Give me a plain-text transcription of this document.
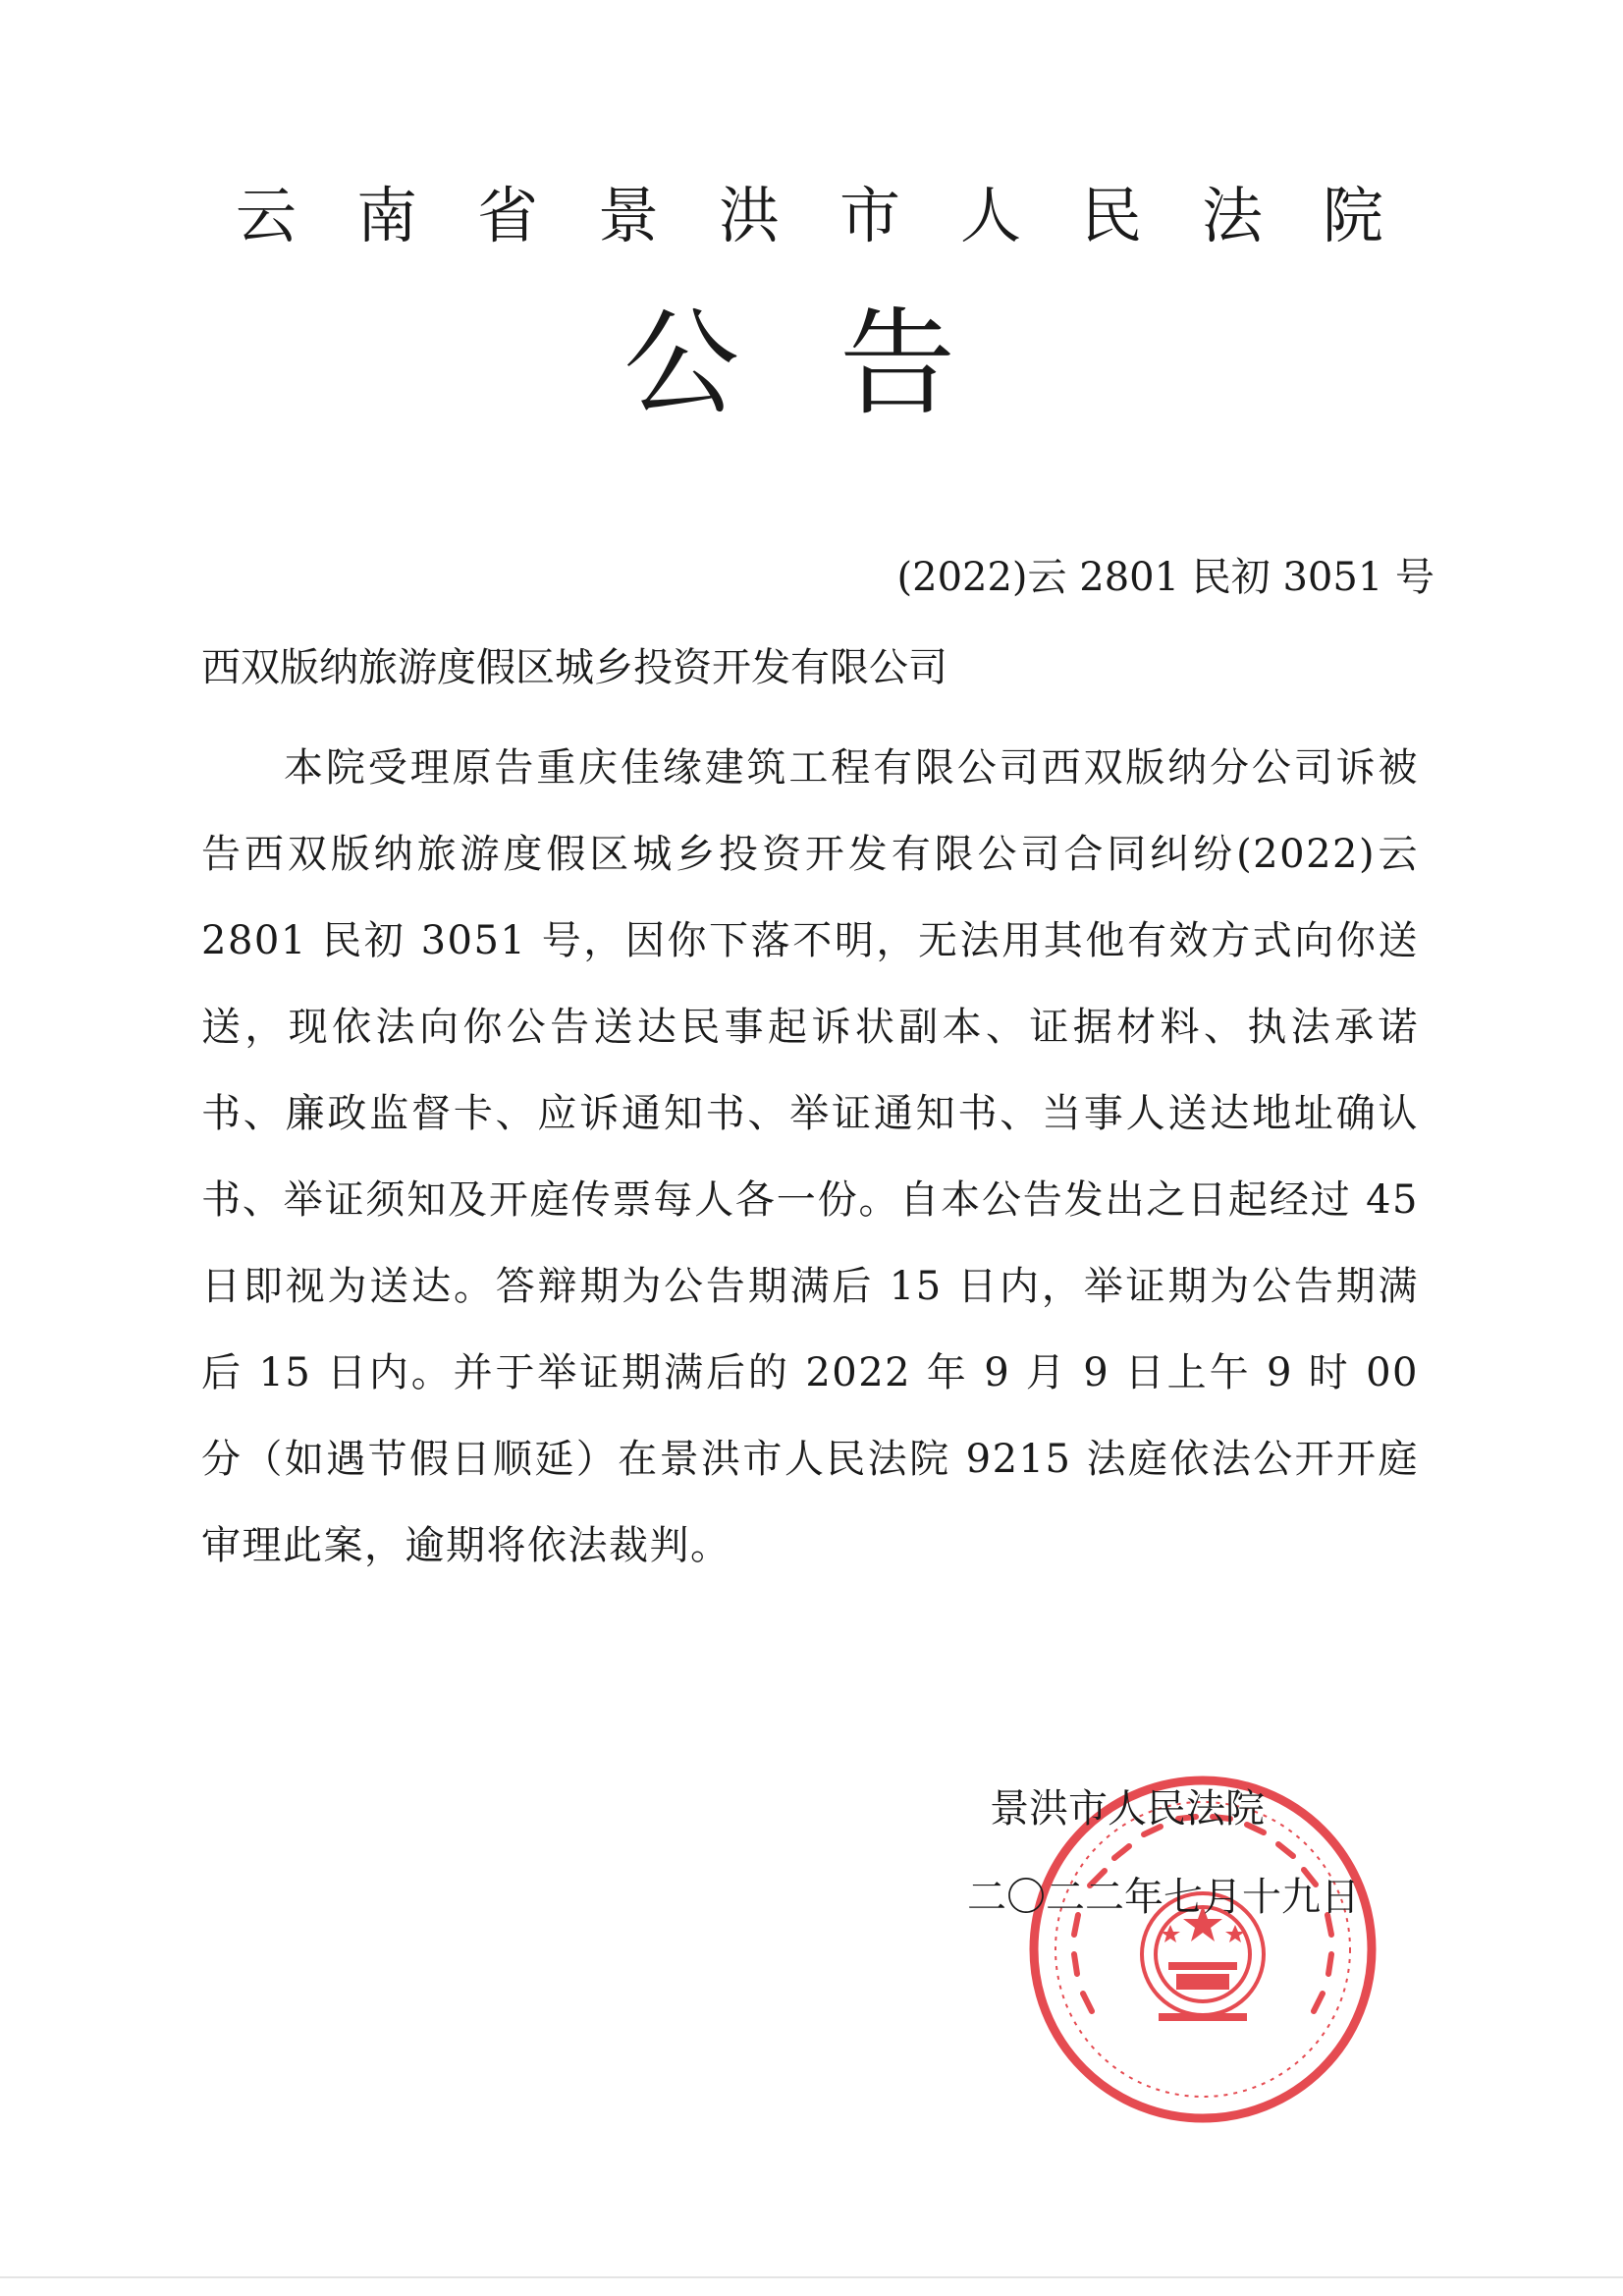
云南省景洪市人民法院
公告
(2022)云 2801 民初 3051 号
西双版纳旅游度假区城乡投资开发有限公司

本院受理原告重庆佳缘建筑工程有限公司西双版纳分公司诉被告西双版纳旅游度假区城乡投资开发有限公司合同纠纷(2022)云 2801 民初 3051 号，因你下落不明，无法用其他有效方式向你送送，现依法向你公告送达民事起诉状副本、证据材料、执法承诺书、廉政监督卡、应诉通知书、举证通知书、当事人送达地址确认书、举证须知及开庭传票每人各一份。自本公告发出之日起经过 45 日即视为送达。答辩期为公告期满后 15 日内，举证期为公告期满后 15 日内。并于举证期满后的 2022 年 9 月 9 日上午 9 时 00 分（如遇节假日顺延）在景洪市人民法院 9215 法庭依法公开开庭审理此案，逾期将依法裁判。

景洪市人民法院
二〇二二年七月十九日
